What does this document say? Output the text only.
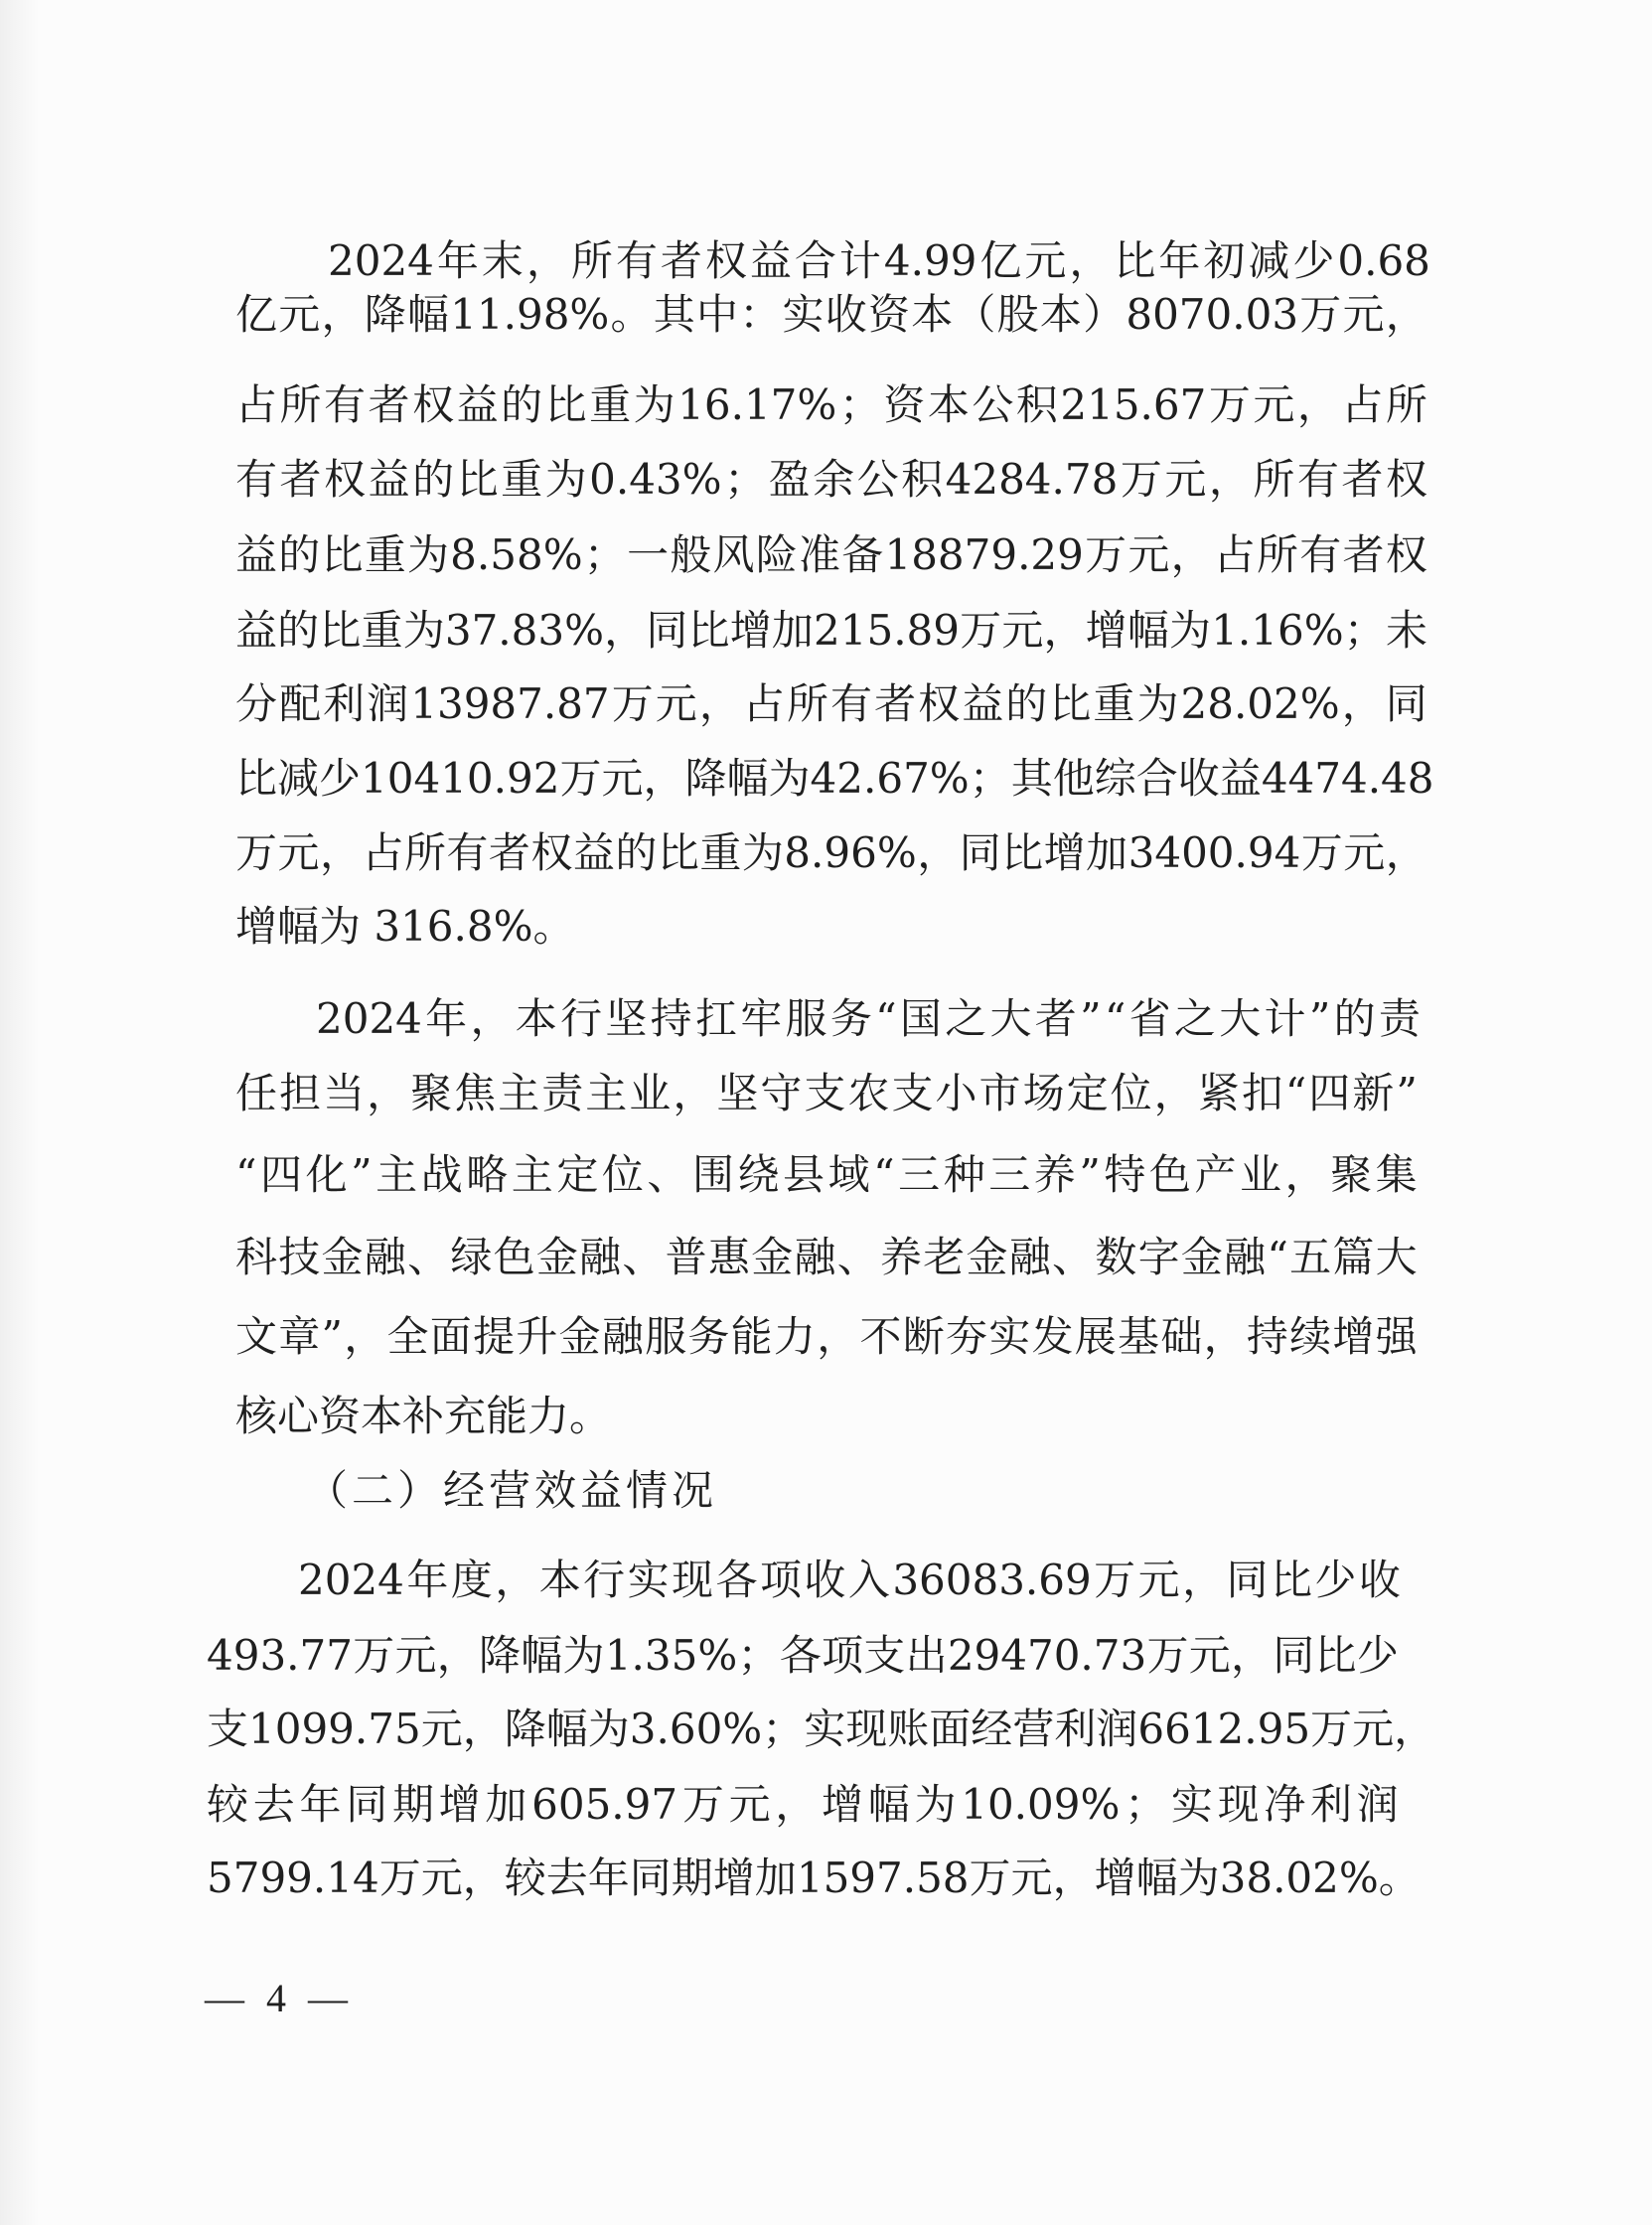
2024 年 末 ， 所 有 者 权 益 合 计 4.99 亿 元 ， 比 年 初 减 少 0.68

亿 元 ， 降 幅 11.98% 。 其 中 ： 实 收 资 本 （ 股 本 ） 8070.03 万 元 ，

占 所 有 者 权 益 的 比 重 为 16.17% ； 资 本 公 积 215.67 万 元 ， 占 所

有 者 权 益 的 比 重 为 0.43% ； 盈 余 公 积 4284.78 万 元 ， 所 有 者 权

益 的 比 重 为 8.58% ； 一 般 风 险 准 备 18879.29 万 元 ， 占 所 有 者 权

益 的 比 重 为 37.83% ， 同 比 增 加 215.89 万 元 ， 增 幅 为 1.16% ； 未

分 配 利 润 13987.87 万 元 ， 占 所 有 者 权 益 的 比 重 为 28.02% ， 同

比 减 少 10410.92 万 元 ， 降 幅 为 42.67% ； 其 他 综 合 收 益 4474.48

万 元 ， 占 所 有 者 权 益 的 比 重 为 8.96% ， 同 比 增 加 3400.94 万 元 ，

增幅为 316.8%。

2024 年 ， 本 行 坚 持 扛 牢 服 务 “ 国 之 大 者 ” “ 省 之 大 计 ” 的 责

任 担 当 ， 聚 焦 主 责 主 业 ， 坚 守 支 农 支 小 市 场 定 位 ， 紧 扣 “ 四 新 ”

“ 四 化 ” 主 战 略 主 定 位 、 围 绕 县 域 “ 三 种 三 养 ” 特 色 产 业 ， 聚 集

科 技 金 融 、 绿 色 金 融 、 普 惠 金 融 、 养 老 金 融 、 数 字 金 融 “ 五 篇 大

文 章 ” ， 全 面 提 升 金 融 服 务 能 力 ， 不 断 夯 实 发 展 基 础 ， 持 续 增 强

核心资本补充能力。

（二）经营效益情况

2024 年 度 ， 本 行 实 现 各 项 收 入 36083.69 万 元 ， 同 比 少 收

493.77 万 元 ， 降 幅 为 1.35% ； 各 项 支 出 29470.73 万 元 ， 同 比 少

支 1099.75 元 ， 降 幅 为 3.60% ； 实 现 账 面 经 营 利 润 6612.95 万 元 ，

较 去 年 同 期 增 加 605.97 万 元 ， 增 幅 为 10.09% ； 实 现 净 利 润

5799.14 万 元 ， 较 去 年 同 期 增 加 1597.58 万 元 ， 增 幅 为 38.02% 。

— 4 —
